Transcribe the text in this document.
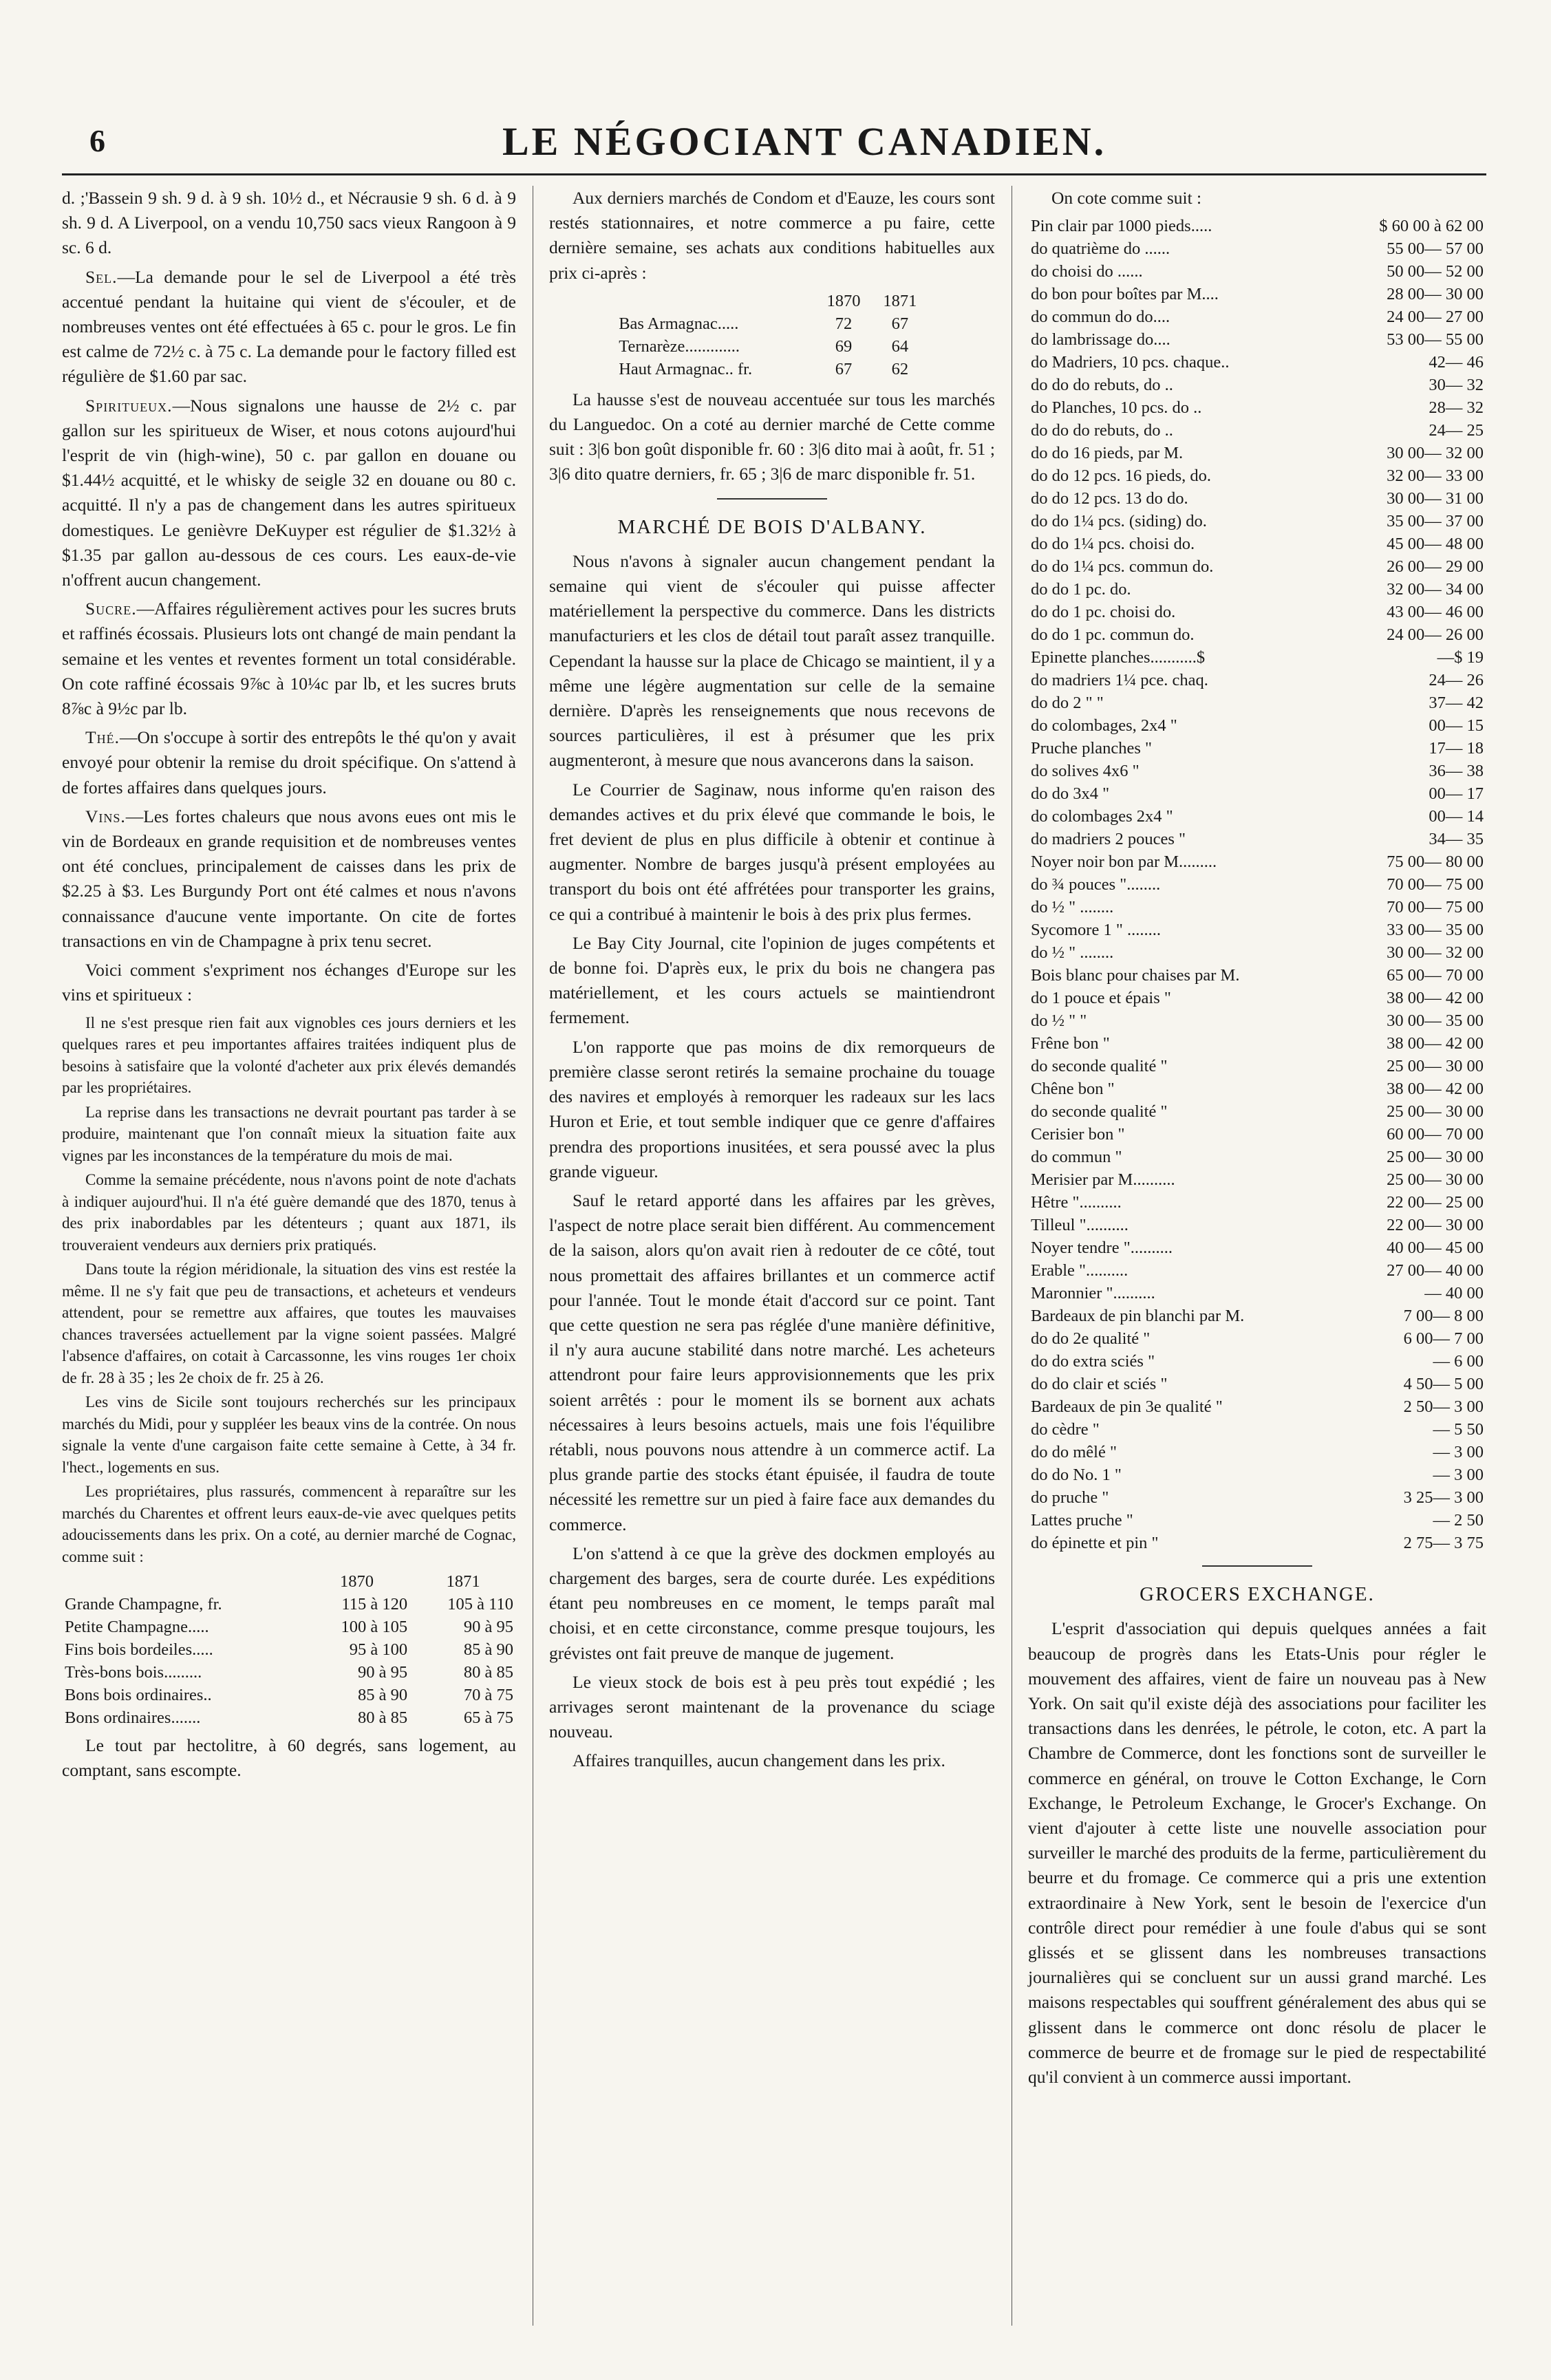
6	LE NÉGOCIANT CANADIEN.

d. ;'Bassein 9 sh. 9 d. à 9 sh. 10½ d., et Nécrausie 9 sh. 6 d. à 9 sh. 9 d. A Liverpool, on a vendu 10,750 sacs vieux Rangoon à 9 sc. 6 d.

Sel.—La demande pour le sel de Liverpool a été très accentué pendant la huitaine qui vient de s'écouler, et de nombreuses ventes ont été effectuées à 65 c. pour le gros. Le fin est calme de 72½ c. à 75 c. La demande pour le factory filled est régulière de $1.60 par sac.

Spiritueux.—Nous signalons une hausse de 2½ c. par gallon sur les spiritueux de Wiser, et nous cotons aujourd'hui l'esprit de vin (high-wine), 50 c. par gallon en douane ou $1.44½ acquitté, et le whisky de seigle 32 en douane ou 80 c. acquitté. Il n'y a pas de changement dans les autres spiritueux domestiques. Le genièvre DeKuyper est régulier de $1.32½ à $1.35 par gallon au-dessous de ces cours. Les eaux-de-vie n'offrent aucun changement.

Sucre.—Affaires régulièrement actives pour les sucres bruts et raffinés écossais. Plusieurs lots ont changé de main pendant la semaine et les ventes et reventes forment un total considérable. On cote raffiné écossais 9⅞c à 10¼c par lb, et les sucres bruts 8⅞c à 9½c par lb.

Thé.—On s'occupe à sortir des entrepôts le thé qu'on y avait envoyé pour obtenir la remise du droit spécifique. On s'attend à de fortes affaires dans quelques jours.

Vins.—Les fortes chaleurs que nous avons eues ont mis le vin de Bordeaux en grande requisition et de nombreuses ventes ont été conclues, principalement de caisses dans les prix de $2.25 à $3. Les Burgundy Port ont été calmes et nous n'avons connaissance d'aucune vente importante. On cite de fortes transactions en vin de Champagne à prix tenu secret.

Voici comment s'expriment nos échanges d'Europe sur les vins et spiritueux :

Il ne s'est presque rien fait aux vignobles ces jours derniers et les quelques rares et peu importantes affaires traitées indiquent plus de besoins à satisfaire que la volonté d'acheter aux prix élevés demandés par les propriétaires.

La reprise dans les transactions ne devrait pourtant pas tarder à se produire, maintenant que l'on connaît mieux la situation faite aux vignes par les inconstances de la température du mois de mai.

Comme la semaine précédente, nous n'avons point de note d'achats à indiquer aujourd'hui. Il n'a été guère demandé que des 1870, tenus à des prix inabordables par les détenteurs ; quant aux 1871, ils trouveraient vendeurs aux derniers prix pratiqués.

Dans toute la région méridionale, la situation des vins est restée la même. Il ne s'y fait que peu de transactions, et acheteurs et vendeurs attendent, pour se remettre aux affaires, que toutes les mauvaises chances traversées actuellement par la vigne soient passées. Malgré l'absence d'affaires, on cotait à Carcassonne, les vins rouges 1er choix de fr. 28 à 35 ; les 2e choix de fr. 25 à 26.

Les vins de Sicile sont toujours recherchés sur les principaux marchés du Midi, pour y suppléer les beaux vins de la contrée. On nous signale la vente d'une cargaison faite cette semaine à Cette, à 34 fr. l'hect., logements en sus.

Les propriétaires, plus rassurés, commencent à reparaître sur les marchés du Charentes et offrent leurs eaux-de-vie avec quelques petits adoucissements dans les prix. On a coté, au dernier marché de Cognac, comme suit :

	1870	1871
Grande Champagne, fr.	115 à 120	105 à 110
Petite Champagne.....	100 à 105	90 à 95
Fins bois bordeiles.....	95 à 100	85 à 90
Très-bons bois.........	90 à 95	80 à 85
Bons bois ordinaires..	85 à 90	70 à 75
Bons ordinaires.......	80 à 85	65 à 75

Le tout par hectolitre, à 60 degrés, sans logement, au comptant, sans escompte.

Aux derniers marchés de Condom et d'Eauze, les cours sont restés stationnaires, et notre commerce a pu faire, cette dernière semaine, ses achats aux conditions habituelles aux prix ci-après :

	1870	1871
Bas Armagnac.....	72	67
Ternarèze.............	69	64
Haut Armagnac.. fr.	67	62

La hausse s'est de nouveau accentuée sur tous les marchés du Languedoc. On a coté au dernier marché de Cette comme suit : 3|6 bon goût disponible fr. 60 : 3|6 dito mai à août, fr. 51 ; 3|6 dito quatre derniers, fr. 65 ; 3|6 de marc disponible fr. 51.

MARCHÉ DE BOIS D'ALBANY.

Nous n'avons à signaler aucun changement pendant la semaine qui vient de s'écouler qui puisse affecter matériellement la perspective du commerce. Dans les districts manufacturiers et les clos de détail tout paraît assez tranquille. Cependant la hausse sur la place de Chicago se maintient, il y a même une légère augmentation sur celle de la semaine dernière. D'après les renseignements que nous recevons de sources particulières, il est à présumer que les prix augmenteront, à mesure que nous avancerons dans la saison.

Le Courrier de Saginaw, nous informe qu'en raison des demandes actives et du prix élevé que commande le bois, le fret devient de plus en plus difficile à obtenir et continue à augmenter. Nombre de barges jusqu'à présent employées au transport du bois ont été affrétées pour transporter les grains, ce qui a contribué à maintenir le bois à des prix plus fermes.

Le Bay City Journal, cite l'opinion de juges compétents et de bonne foi. D'après eux, le prix du bois ne changera pas matériellement, et les cours actuels se maintiendront fermement.

L'on rapporte que pas moins de dix remorqueurs de première classe seront retirés la semaine prochaine du touage des navires et employés à remorquer les radeaux sur les lacs Huron et Erie, et tout semble indiquer que ce genre d'affaires prendra des proportions inusitées, et sera poussé avec la plus grande vigueur.

Sauf le retard apporté dans les affaires par les grèves, l'aspect de notre place serait bien différent. Au commencement de la saison, alors qu'on avait rien à redouter de ce côté, tout nous promettait des affaires brillantes et un commerce actif pour l'année. Tout le monde était d'accord sur ce point. Tant que cette question ne sera pas réglée d'une manière définitive, il n'y aura aucune stabilité dans notre marché. Les acheteurs attendront pour faire leurs approvisionnements que les prix soient arrêtés : pour le moment ils se bornent aux achats nécessaires à leurs besoins actuels, mais une fois l'équilibre rétabli, nous pouvons nous attendre à un commerce actif. La plus grande partie des stocks étant épuisée, il faudra de toute nécessité les remettre sur un pied à faire face aux demandes du commerce.

L'on s'attend à ce que la grève des dockmen employés au chargement des barges, sera de courte durée. Les expéditions étant peu nombreuses en ce moment, le temps paraît mal choisi, et en cette circonstance, comme presque toujours, les grévistes ont fait preuve de manque de jugement.

Le vieux stock de bois est à peu près tout expédié ; les arrivages seront maintenant de la provenance du sciage nouveau.

Affaires tranquilles, aucun changement dans les prix.

On cote comme suit :

Pin clair par 1000 pieds.....	$ 60 00 à 62 00
do quatrième do ......	55 00— 57 00
do choisi do ......	50 00— 52 00
do bon pour boîtes par M....	28 00— 30 00
do commun do do....	24 00— 27 00
do lambrissage do....	53 00— 55 00
do Madriers, 10 pcs. chaque..	42— 46
do do do rebuts, do ..	30— 32
do Planches, 10 pcs. do ..	28— 32
do do do rebuts, do ..	24— 25
do do 16 pieds, par M.	30 00— 32 00
do do 12 pcs. 16 pieds, do.	32 00— 33 00
do do 12 pcs. 13 do do.	30 00— 31 00
do do 1¼ pcs. (siding) do.	35 00— 37 00
do do 1¼ pcs. choisi do.	45 00— 48 00
do do 1¼ pcs. commun do.	26 00— 29 00
do do 1 pc. do.	32 00— 34 00
do do 1 pc. choisi do.	43 00— 46 00
do do 1 pc. commun do.	24 00— 26 00
Epinette planches...........$	—$ 19
do madriers 1¼ pce. chaq.	24— 26
do do 2 " "	37— 42
do colombages, 2x4 "	00— 15
Pruche planches "	17— 18
do solives 4x6 "	36— 38
do do 3x4 "	00— 17
do colombages 2x4 "	00— 14
do madriers 2 pouces "	34— 35
Noyer noir bon par M.........	75 00— 80 00
do ¾ pouces "........	70 00— 75 00
do ½ " ........	70 00— 75 00
Sycomore 1 " ........	33 00— 35 00
do ½ " ........	30 00— 32 00
Bois blanc pour chaises par M.	65 00— 70 00
do 1 pouce et épais "	38 00— 42 00
do ½ " "	30 00— 35 00
Frêne bon "	38 00— 42 00
do seconde qualité "	25 00— 30 00
Chêne bon "	38 00— 42 00
do seconde qualité "	25 00— 30 00
Cerisier bon "	60 00— 70 00
do commun "	25 00— 30 00
Merisier par M..........	25 00— 30 00
Hêtre "..........	22 00— 25 00
Tilleul "..........	22 00— 30 00
Noyer tendre "..........	40 00— 45 00
Erable "..........	27 00— 40 00
Maronnier "..........	— 40 00
Bardeaux de pin blanchi par M.	7 00— 8 00
do do 2e qualité "	6 00— 7 00
do do extra sciés "	— 6 00
do do clair et sciés "	4 50— 5 00
Bardeaux de pin 3e qualité "	2 50— 3 00
do cèdre "	— 5 50
do do mêlé "	— 3 00
do do No. 1 "	— 3 00
do pruche "	3 25— 3 00
Lattes pruche "	— 2 50
do épinette et pin "	2 75— 3 75
GROCERS EXCHANGE.

L'esprit d'association qui depuis quelques années a fait beaucoup de progrès dans les Etats-Unis pour régler le mouvement des affaires, vient de faire un nouveau pas à New York. On sait qu'il existe déjà des associations pour faciliter les transactions dans les denrées, le pétrole, le coton, etc. A part la Chambre de Commerce, dont les fonctions sont de surveiller le commerce en général, on trouve le Cotton Exchange, le Corn Exchange, le Petroleum Exchange, le Grocer's Exchange. On vient d'ajouter à cette liste une nouvelle association pour surveiller le marché des produits de la ferme, particulièrement du beurre et du fromage. Ce commerce qui a pris une extention extraordinaire à New York, sent le besoin de l'exercice d'un contrôle direct pour remédier à une foule d'abus qui se sont glissés et se glissent dans les nombreuses transactions journalières qui se concluent sur un aussi grand marché. Les maisons respectables qui souffrent généralement des abus qui se glissent dans le commerce ont donc résolu de placer le commerce de beurre et de fromage sur le pied de respectabilité qu'il convient à un commerce aussi important.
